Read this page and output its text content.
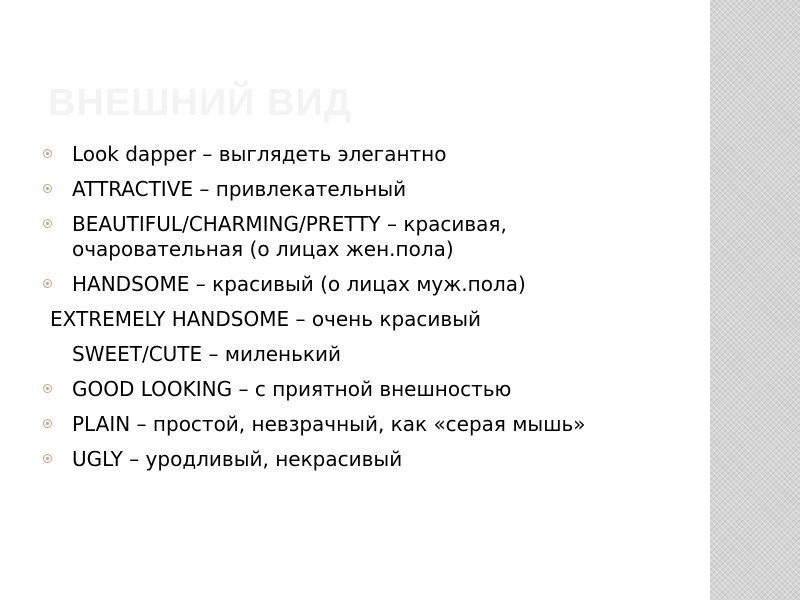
ВНЕШНИЙ ВИД
Look dapper – выглядеть элегантно
ATTRACTIVE – привлекательный
BEAUTIFUL/CHARMING/PRETTY – красивая, очаровательная (о лицах жен.пола)
HANDSOME – красивый (о лицах муж.пола)
EXTREMELY HANDSOME – очень красивый
SWEET/CUTE – миленький
GOOD LOOKING – с приятной внешностью
PLAIN – простой, невзрачный, как «серая мышь»
UGLY – уродливый, некрасивый
